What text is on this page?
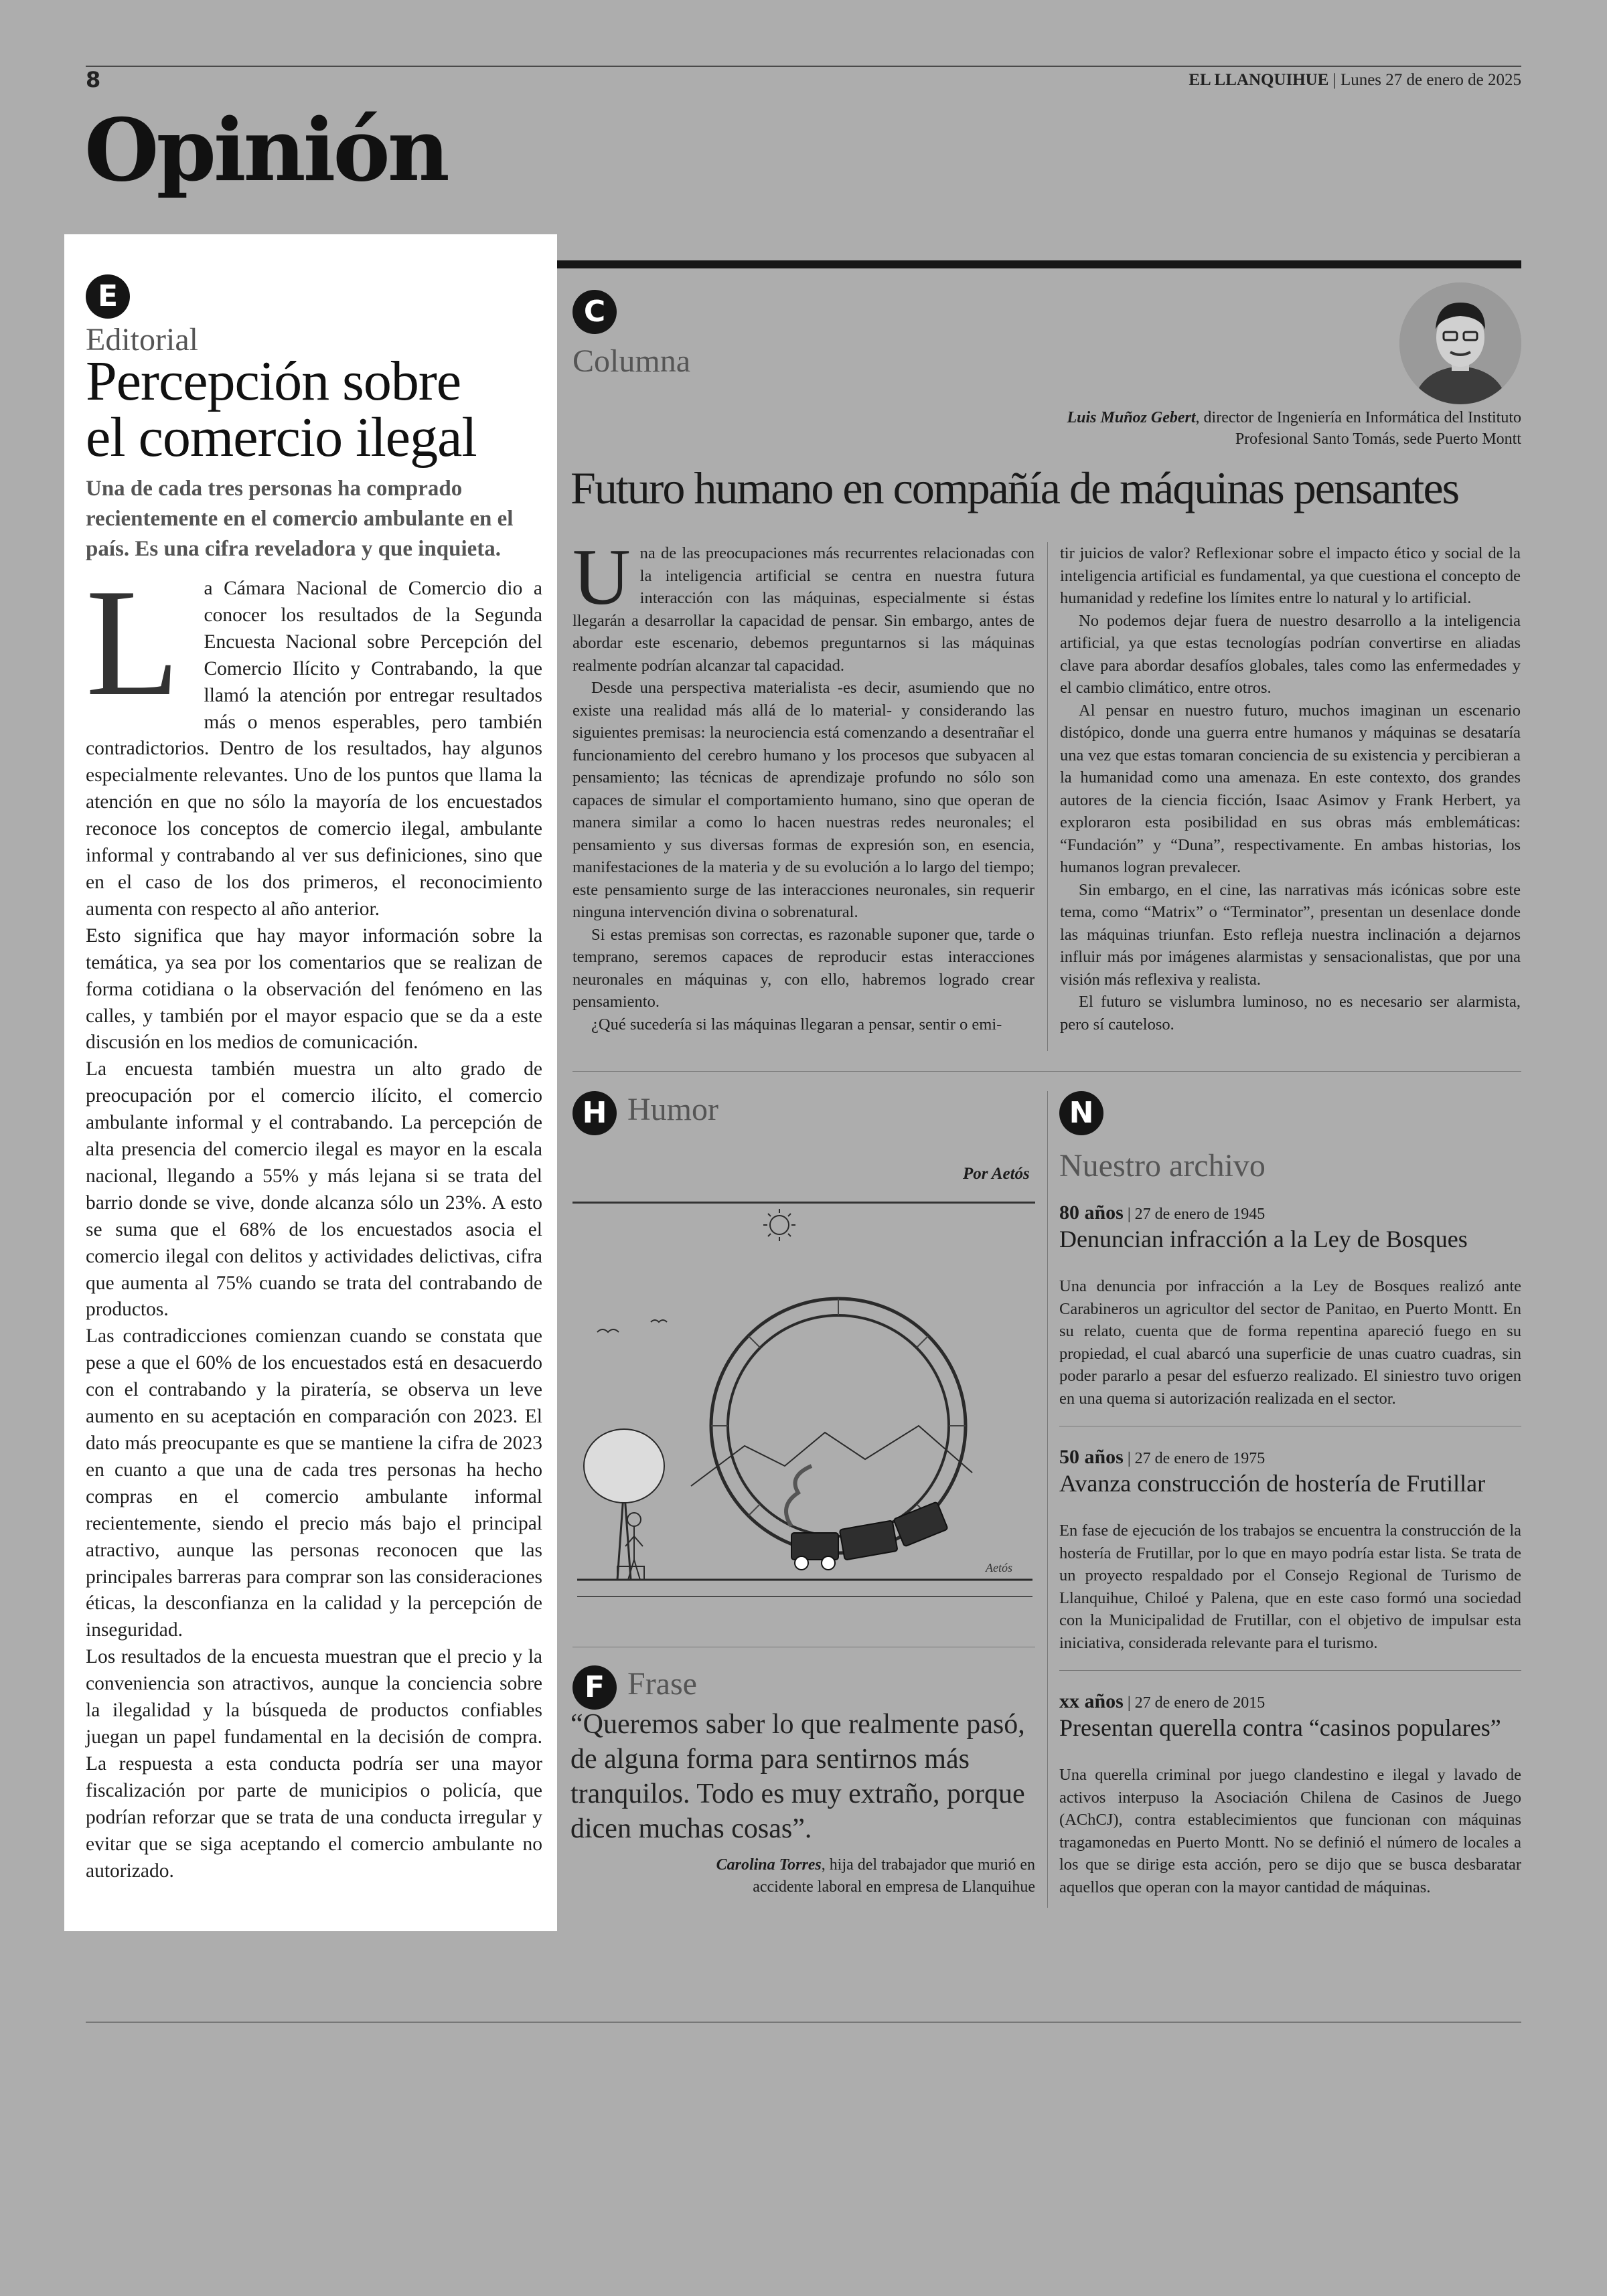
8	EL LLANQUIHUE | Lunes 27 de enero de 2025
Opinión
E
Editorial
Percepción sobre
el comercio ilegal
Una de cada tres personas ha comprado recientemente en el comercio ambulante en el país. Es una cifra reveladora y que inquieta.

L a Cámara Nacional de Comercio dio a conocer los resultados de la Segunda Encuesta Nacional sobre Percepción del Comercio Ilícito y Contrabando, la que llamó la atención por entregar resultados más o menos esperables, pero también contradictorios. Dentro de los resultados, hay algunos especialmente relevantes. Uno de los puntos que llama la atención en que no sólo la mayoría de los encuestados reconoce los conceptos de comercio ilegal, ambulante informal y contrabando al ver sus definiciones, sino que en el caso de los dos primeros, el reconocimiento aumenta con respecto al año anterior.

Esto significa que hay mayor información sobre la temática, ya sea por los comentarios que se realizan de forma cotidiana o la observación del fenómeno en las calles, y también por el mayor espacio que se da a este discusión en los medios de comunicación.

La encuesta también muestra un alto grado de preocupación por el comercio ilícito, el comercio ambulante informal y el contrabando. La percepción de alta presencia del comercio ilegal es mayor en la escala nacional, llegando a 55% y más lejana si se trata del barrio donde se vive, donde alcanza sólo un 23%. A esto se suma que el 68% de los encuestados asocia el comercio ilegal con delitos y actividades delictivas, cifra que aumenta al 75% cuando se trata del contrabando de productos.

Las contradicciones comienzan cuando se constata que pese a que el 60% de los encuestados está en desacuerdo con el contrabando y la piratería, se observa un leve aumento en su aceptación en comparación con 2023. El dato más preocupante es que se mantiene la cifra de 2023 en cuanto a que una de cada tres personas ha hecho compras en el comercio ambulante informal recientemente, siendo el precio más bajo el principal atractivo, aunque las personas reconocen que las principales barreras para comprar son las consideraciones éticas, la desconfianza en la calidad y la percepción de inseguridad.

Los resultados de la encuesta muestran que el precio y la conveniencia son atractivos, aunque la conciencia sobre la ilegalidad y la búsqueda de productos confiables juegan un papel fundamental en la decisión de compra. La respuesta a esta conducta podría ser una mayor fiscalización por parte de municipios o policía, que podrían reforzar que se trata de una conducta irregular y evitar que se siga aceptando el comercio ambulante no autorizado.

C
Columna
Luis Muñoz Gebert, director de Ingeniería en Informática del Instituto Profesional Santo Tomás, sede Puerto Montt
Futuro humano en compañía de máquinas pensantes

Una de las preocupaciones más recurrentes relacionadas con la inteligencia artificial se centra en nuestra futura interacción con las máquinas, especialmente si éstas llegarán a desarrollar la capacidad de pensar. Sin embargo, antes de abordar este escenario, debemos preguntarnos si las máquinas realmente podrían alcanzar tal capacidad.

Desde una perspectiva materialista -es decir, asumiendo que no existe una realidad más allá de lo material- y considerando las siguientes premisas: la neurociencia está comenzando a desentrañar el funcionamiento del cerebro humano y los procesos que subyacen al pensamiento; las técnicas de aprendizaje profundo no sólo son capaces de simular el comportamiento humano, sino que operan de manera similar a como lo hacen nuestras redes neuronales; el pensamiento y sus diversas formas de expresión son, en esencia, manifestaciones de la materia y de su evolución a lo largo del tiempo; este pensamiento surge de las interacciones neuronales, sin requerir ninguna intervención divina o sobrenatural.

Si estas premisas son correctas, es razonable suponer que, tarde o temprano, seremos capaces de reproducir estas interacciones neuronales en máquinas y, con ello, habremos logrado crear pensamiento.

¿Qué sucedería si las máquinas llegaran a pensar, sentir o emi-

tir juicios de valor? Reflexionar sobre el impacto ético y social de la inteligencia artificial es fundamental, ya que cuestiona el concepto de humanidad y redefine los límites entre lo natural y lo artificial.

No podemos dejar fuera de nuestro desarrollo a la inteligencia artificial, ya que estas tecnologías podrían convertirse en aliadas clave para abordar desafíos globales, tales como las enfermedades y el cambio climático, entre otros.

Al pensar en nuestro futuro, muchos imaginan un escenario distópico, donde una guerra entre humanos y máquinas se desataría una vez que estas tomaran conciencia de su existencia y percibieran a la humanidad como una amenaza. En este contexto, dos grandes autores de la ciencia ficción, Isaac Asimov y Frank Herbert, ya exploraron esta posibilidad en sus obras más emblemáticas: “Fundación” y “Duna”, respectivamente. En ambas historias, los humanos logran prevalecer.

Sin embargo, en el cine, las narrativas más icónicas sobre este tema, como “Matrix” o “Terminator”, presentan un desenlace donde las máquinas triunfan. Esto refleja nuestra inclinación a dejarnos influir más por imágenes alarmistas y sensacionalistas, que por una visión más reflexiva y realista.

El futuro se vislumbra luminoso, no es necesario ser alarmista, pero sí cauteloso.

H Humor
Por Aetós
Aetós
F Frase
“Queremos saber lo que realmente pasó, de alguna forma para sentirnos más tranquilos. Todo es muy extraño, porque dicen muchas cosas”.
Carolina Torres, hija del trabajador que murió en accidente laboral en empresa de Llanquihue
N
Nuestro archivo
80 años | 27 de enero de 1945
Denuncian infracción a la Ley de Bosques
Una denuncia por infracción a la Ley de Bosques realizó ante Carabineros un agricultor del sector de Panitao, en Puerto Montt. En su relato, cuenta que de forma repentina apareció fuego en su propiedad, el cual abarcó una superficie de unas cuatro cuadras, sin poder pararlo a pesar del esfuerzo realizado. El siniestro tuvo origen en una quema si autorización realizada en el sector.
50 años | 27 de enero de 1975
Avanza construcción de hostería de Frutillar
En fase de ejecución de los trabajos se encuentra la construcción de la hostería de Frutillar, por lo que en mayo podría estar lista. Se trata de un proyecto respaldado por el Consejo Regional de Turismo de Llanquihue, Chiloé y Palena, que en este caso formó una sociedad con la Municipalidad de Frutillar, con el objetivo de impulsar esta iniciativa, considerada relevante para el turismo.
xx años | 27 de enero de 2015
Presentan querella contra “casinos populares”
Una querella criminal por juego clandestino e ilegal y lavado de activos interpuso la Asociación Chilena de Casinos de Juego (AChCJ), contra establecimientos que funcionan con máquinas tragamonedas en Puerto Montt. No se definió el número de locales a los que se dirige esta acción, pero se dijo que se busca desbaratar aquellos que operan con la mayor cantidad de máquinas.
